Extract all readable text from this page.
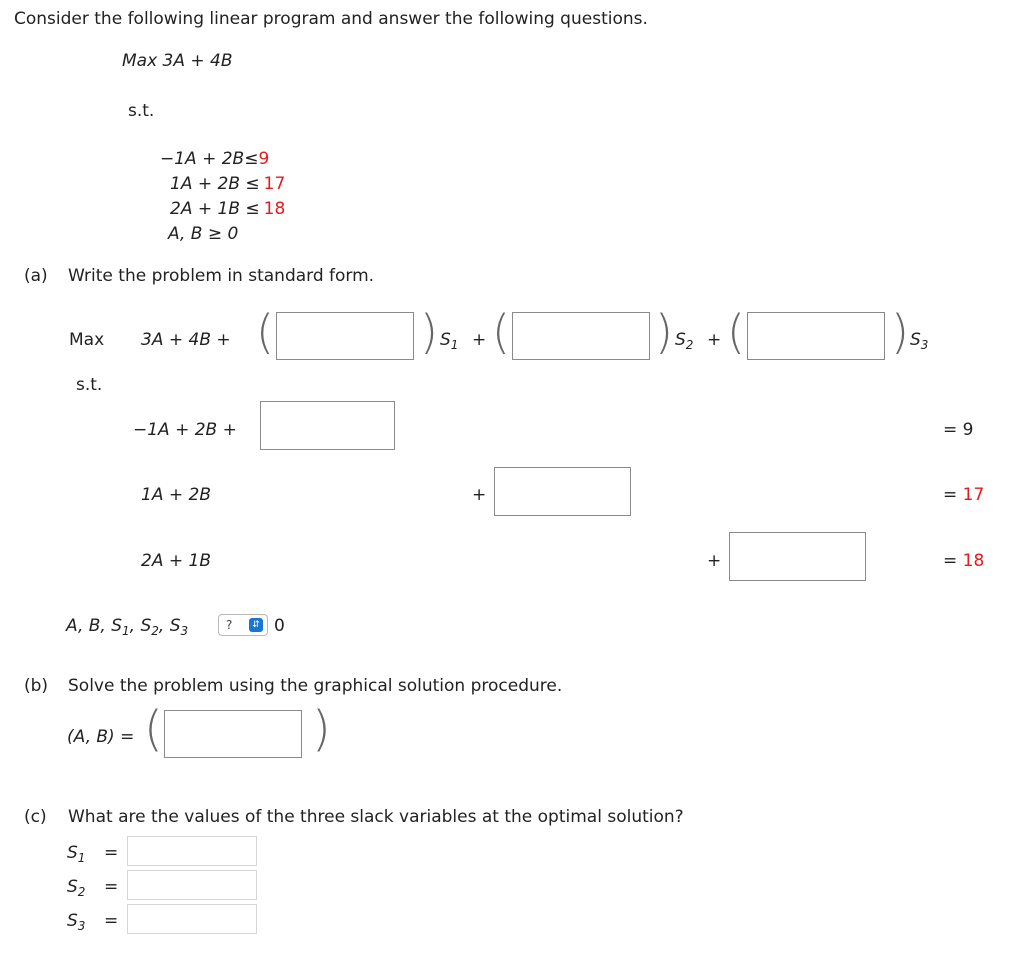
Consider the following linear program and answer the following questions.
Max 3A + 4B
s.t.
−1A + 2B≤9
1A + 2B ≤ 17
2A + 1B ≤ 18
A, B ≥ 0
(a) Write the problem in standard form.
Max 3A + 4B + (	) $S_1$ + (	) $S_2$ + (	) $S_3$
s.t.
−1A + 2B +	= 9
1A + 2B	+	= 17
2A + 1B	+	= 18
A, B, $S_1$, $S_2$, $S_3$	?	⇵ 0
(b) Solve the problem using the graphical solution procedure.
(A, B) = (	)
(c) What are the values of the three slack variables at the optimal solution?
$S_1$ =
$S_2$ =
$S_3$ =
